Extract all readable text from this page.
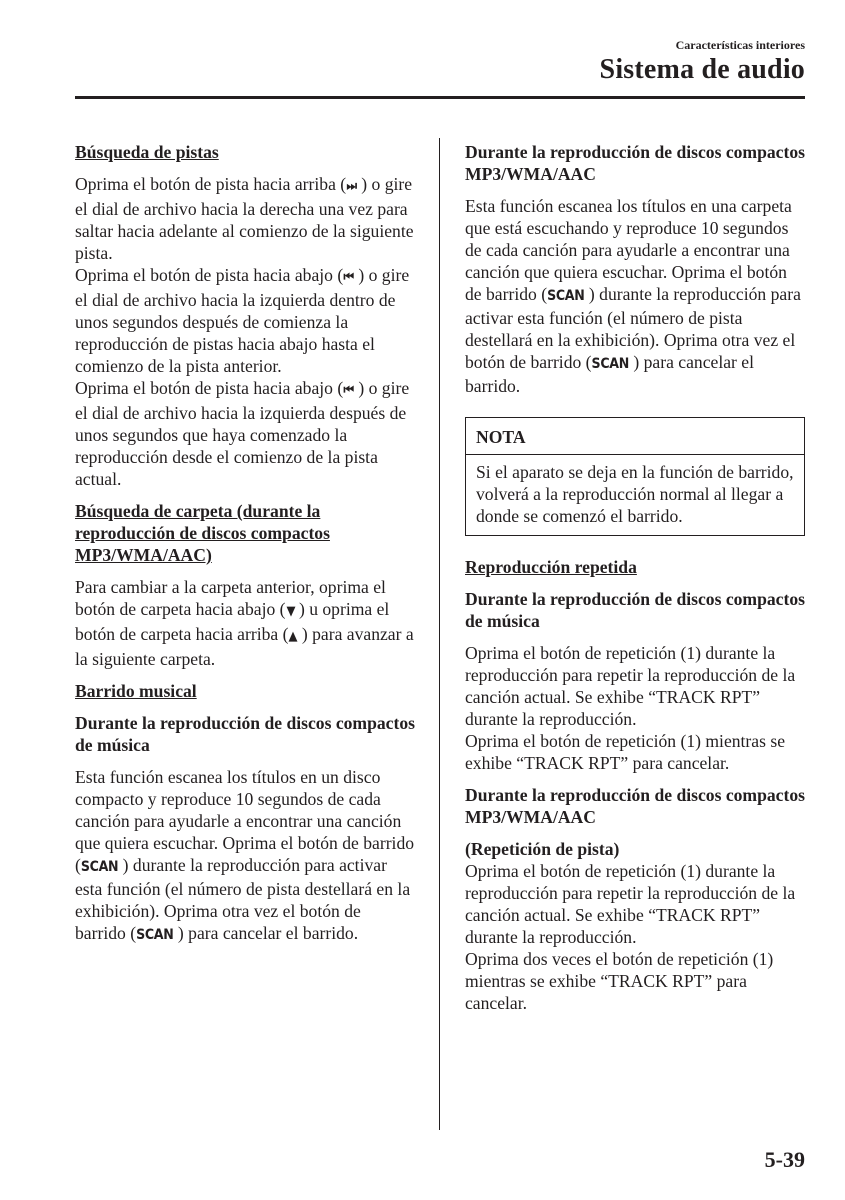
Características interiores
Sistema de audio

Búsqueda de pistas

Oprima el botón de pista hacia arriba (⏭ ) o gire el dial de archivo hacia la derecha una vez para saltar hacia adelante al comienzo de la siguiente pista.

Oprima el botón de pista hacia abajo (⏮ ) o gire el dial de archivo hacia la izquierda dentro de unos segundos después de comienza la reproducción de pistas hacia abajo hasta el comienzo de la pista anterior.

Oprima el botón de pista hacia abajo (⏮ ) o gire el dial de archivo hacia la izquierda después de unos segundos que haya comenzado la reproducción desde el comienzo de la pista actual.

Búsqueda de carpeta (durante la reproducción de discos compactos MP3/WMA/AAC)

Para cambiar a la carpeta anterior, oprima el botón de carpeta hacia abajo (▼ ) u oprima el botón de carpeta hacia arriba (▲ ) para avanzar a la siguiente carpeta.

Barrido musical

Durante la reproducción de discos compactos de música

Esta función escanea los títulos en un disco compacto y reproduce 10 segundos de cada canción para ayudarle a encontrar una canción que quiera escuchar. Oprima el botón de barrido (SCAN ) durante la reproducción para activar esta función (el número de pista destellará en la exhibición). Oprima otra vez el botón de barrido (SCAN ) para cancelar el barrido.

Durante la reproducción de discos compactos MP3/WMA/AAC

Esta función escanea los títulos en una carpeta que está escuchando y reproduce 10 segundos de cada canción para ayudarle a encontrar una canción que quiera escuchar. Oprima el botón de barrido (SCAN ) durante la reproducción para activar esta función (el número de pista destellará en la exhibición). Oprima otra vez el botón de barrido (SCAN ) para cancelar el barrido.

NOTA
Si el aparato se deja en la función de barrido, volverá a la reproducción normal al llegar a donde se comenzó el barrido.

Reproducción repetida

Durante la reproducción de discos compactos de música

Oprima el botón de repetición (1) durante la reproducción para repetir la reproducción de la canción actual. Se exhibe “TRACK RPT” durante la reproducción.

Oprima el botón de repetición (1) mientras se exhibe “TRACK RPT” para cancelar.

Durante la reproducción de discos compactos MP3/WMA/AAC

(Repetición de pista)

Oprima el botón de repetición (1) durante la reproducción para repetir la reproducción de la canción actual. Se exhibe “TRACK RPT” durante la reproducción.

Oprima dos veces el botón de repetición (1) mientras se exhibe “TRACK RPT” para cancelar.

5-39
